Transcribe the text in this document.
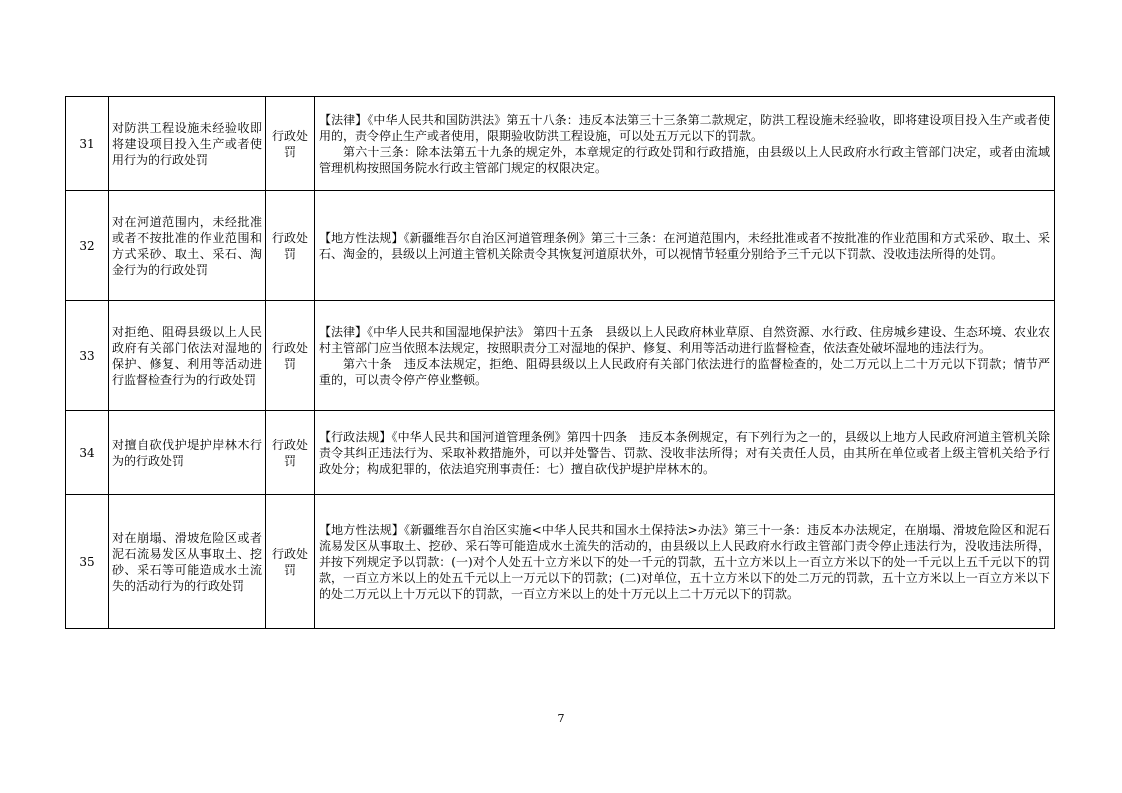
31	对防洪工程设施未经验收即将建设项目投入生产或者使用行为的行政处罚	行政处罚	【法律】《中华人民共和国防洪法》第五十八条：违反本法第三十三条第二款规定，防洪工程设施未经验收，即将建设项目投入生产或者使用的，责令停止生产或者使用，限期验收防洪工程设施，可以处五万元以下的罚款。

第六十三条：除本法第五十九条的规定外，本章规定的行政处罚和行政措施，由县级以上人民政府水行政主管部门决定，或者由流域管理机构按照国务院水行政主管部门规定的权限决定。

32	对在河道范围内，未经批准或者不按批准的作业范围和方式采砂、取土、采石、淘金行为的行政处罚	行政处罚	【地方性法规】《新疆维吾尔自治区河道管理条例》第三十三条：在河道范围内，未经批准或者不按批准的作业范围和方式采砂、取土、采石、淘金的，县级以上河道主管机关除责令其恢复河道原状外，可以视情节轻重分别给予三千元以下罚款、没收违法所得的处罚。

33	对拒绝、阻碍县级以上人民政府有关部门依法对湿地的保护、修复、利用等活动进行监督检查行为的行政处罚	行政处罚	【法律】《中华人民共和国湿地保护法》 第四十五条　县级以上人民政府林业草原、自然资源、水行政、住房城乡建设、生态环境、农业农村主管部门应当依照本法规定，按照职责分工对湿地的保护、修复、利用等活动进行监督检查，依法查处破坏湿地的违法行为。

第六十条　违反本法规定，拒绝、阻碍县级以上人民政府有关部门依法进行的监督检查的，处二万元以上二十万元以下罚款；情节严重的，可以责令停产停业整顿。

34	对擅自砍伐护堤护岸林木行为的行政处罚	行政处罚	【行政法规】《中华人民共和国河道管理条例》第四十四条　违反本条例规定，有下列行为之一的，县级以上地方人民政府河道主管机关除责令其纠正违法行为、采取补救措施外，可以并处警告、罚款、没收非法所得；对有关责任人员，由其所在单位或者上级主管机关给予行政处分；构成犯罪的，依法追究刑事责任：七）擅自砍伐护堤护岸林木的。

35	对在崩塌、滑坡危险区或者泥石流易发区从事取土、挖砂、采石等可能造成水土流失的活动行为的行政处罚	行政处罚	【地方性法规】《新疆维吾尔自治区实施<中华人民共和国水土保持法>办法》第三十一条：违反本办法规定，在崩塌、滑坡危险区和泥石流易发区从事取土、挖砂、采石等可能造成水土流失的活动的，由县级以上人民政府水行政主管部门责令停止违法行为，没收违法所得，并按下列规定予以罚款：(一)对个人处五十立方米以下的处一千元的罚款，五十立方米以上一百立方米以下的处一千元以上五千元以下的罚款，一百立方米以上的处五千元以上一万元以下的罚款；(二)对单位，五十立方米以下的处二万元的罚款，五十立方米以上一百立方米以下的处二万元以上十万元以下的罚款，一百立方米以上的处十万元以上二十万元以下的罚款。

7
